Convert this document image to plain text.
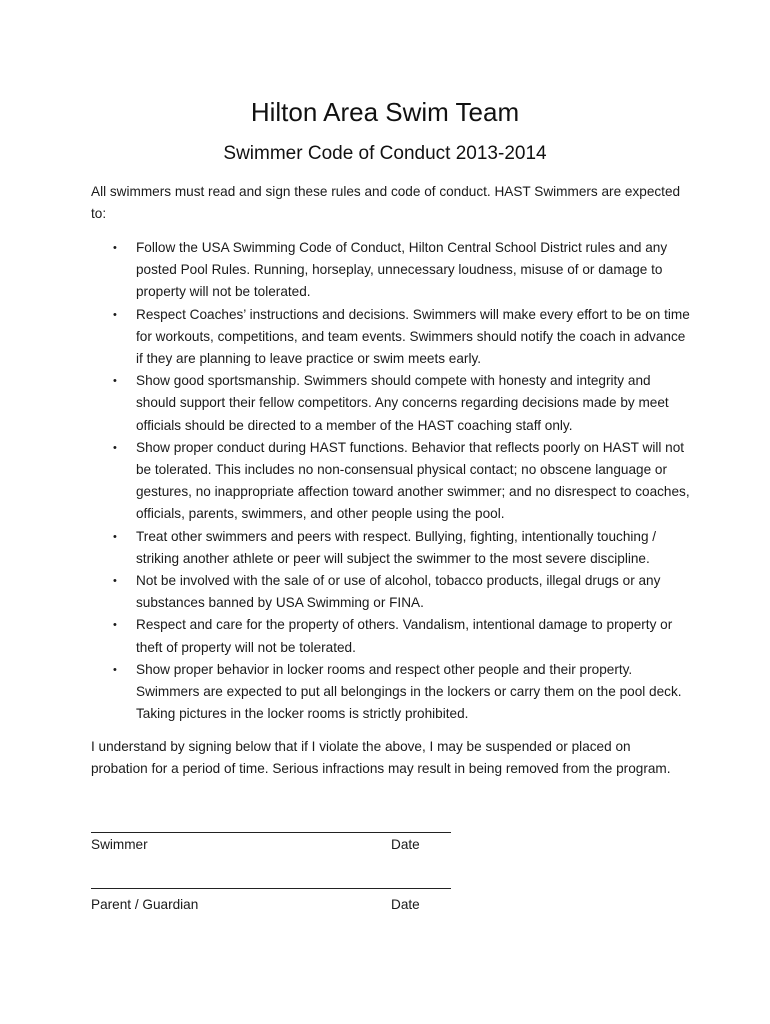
Hilton Area Swim Team
Swimmer Code of Conduct 2013-2014

All swimmers must read and sign these rules and code of conduct. HAST Swimmers are expected to:

• Follow the USA Swimming Code of Conduct, Hilton Central School District rules and any posted Pool Rules. Running, horseplay, unnecessary loudness, misuse of or damage to property will not be tolerated.
• Respect Coaches’ instructions and decisions. Swimmers will make every effort to be on time for workouts, competitions, and team events. Swimmers should notify the coach in advance if they are planning to leave practice or swim meets early.
• Show good sportsmanship. Swimmers should compete with honesty and integrity and should support their fellow competitors. Any concerns regarding decisions made by meet officials should be directed to a member of the HAST coaching staff only.
• Show proper conduct during HAST functions. Behavior that reflects poorly on HAST will not be tolerated. This includes no non-consensual physical contact; no obscene language or gestures, no inappropriate affection toward another swimmer; and no disrespect to coaches, officials, parents, swimmers, and other people using the pool.
• Treat other swimmers and peers with respect. Bullying, fighting, intentionally touching / striking another athlete or peer will subject the swimmer to the most severe discipline.
• Not be involved with the sale of or use of alcohol, tobacco products, illegal drugs or any substances banned by USA Swimming or FINA.
• Respect and care for the property of others. Vandalism, intentional damage to property or theft of property will not be tolerated.
• Show proper behavior in locker rooms and respect other people and their property. Swimmers are expected to put all belongings in the lockers or carry them on the pool deck. Taking pictures in the locker rooms is strictly prohibited.

I understand by signing below that if I violate the above, I may be suspended or placed on probation for a period of time. Serious infractions may result in being removed from the program.

Swimmer	Date
Parent / Guardian	Date
